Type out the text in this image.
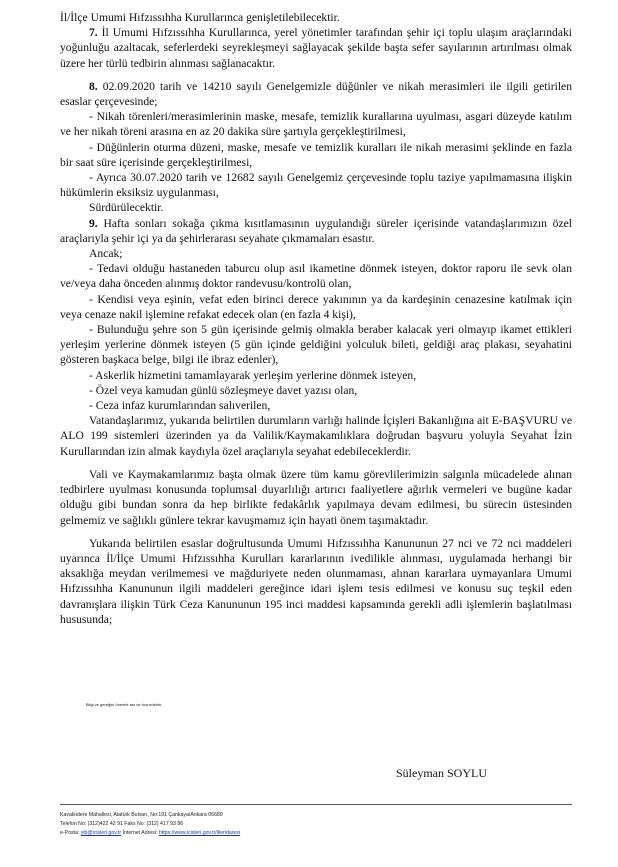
İl/İlçe Umumi Hıfzıssıhha Kurullarınca genişletilebilecektir.

7. İl Umumi Hıfzıssıhha Kurullarınca, yerel yönetimler tarafından şehir içi toplu ulaşım araçlarındaki yoğunluğu azaltacak, seferlerdeki seyrekleşmeyi sağlayacak şekilde başta sefer sayılarının artırılması olmak üzere her türlü tedbirin alınması sağlanacaktır.

8. 02.09.2020 tarih ve 14210 sayılı Genelgemizle düğünler ve nikah merasimleri ile ilgili getirilen esaslar çerçevesinde;

- Nikah törenleri/merasimlerinin maske, mesafe, temizlik kurallarına uyulması, asgari düzeyde katılım ve her nikah töreni arasına en az 20 dakika süre şartıyla gerçekleştirilmesi,

- Düğünlerin oturma düzeni, maske, mesafe ve temizlik kuralları ile nikah merasimi şeklinde en fazla bir saat süre içerisinde gerçekleştirilmesi,

- Ayrıca 30.07.2020 tarih ve 12682 sayılı Genelgemiz çerçevesinde toplu taziye yapılmamasına ilişkin hükümlerin eksiksiz uygulanması,

Sürdürülecektir.

9. Hafta sonları sokağa çıkma kısıtlamasının uygulandığı süreler içerisinde vatandaşlarımızın özel araçlarıyla şehir içi ya da şehirlerarası seyahate çıkmamaları esastır.

Ancak;

- Tedavi olduğu hastaneden taburcu olup asıl ikametine dönmek isteyen, doktor raporu ile sevk olan ve/veya daha önceden alınmış doktor randevusu/kontrolü olan,

- Kendisi veya eşinin, vefat eden birinci derece yakınının ya da kardeşinin cenazesine katılmak için veya cenaze nakil işlemine refakat edecek olan (en fazla 4 kişi),

- Bulunduğu şehre son 5 gün içerisinde gelmiş olmakla beraber kalacak yeri olmayıp ikamet ettikleri yerleşim yerlerine dönmek isteyen (5 gün içinde geldiğini yolculuk bileti, geldiği araç plakası, seyahatini gösteren başkaca belge, bilgi ile ibraz edenler),

- Askerlik hizmetini tamamlayarak yerleşim yerlerine dönmek isteyen,

- Özel veya kamudan günlü sözleşmeye davet yazısı olan,

- Ceza infaz kurumlarından salıverilen,

Vatandaşlarımız, yukarıda belirtilen durumların varlığı halinde İçişleri Bakanlığına ait E-BAŞVURU ve ALO 199 sistemleri üzerinden ya da Valilik/Kaymakamlıklara doğrudan başvuru yoluyla Seyahat İzin Kurullarından izin almak kaydıyla özel araçlarıyla seyahat edebileceklerdir.

Vali ve Kaymakamlarımız başta olmak üzere tüm kamu görevlilerimizin salgınla mücadelede alınan tedbirlere uyulması konusunda toplumsal duyarlılığı artırıcı faaliyetlere ağırlık vermeleri ve bugüne kadar olduğu gibi bundan sonra da hep birlikte fedakârlık yapılmaya devam edilmesi, bu sürecin üstesinden gelmemiz ve sağlıklı günlere tekrar kavuşmamız için hayati önem taşımaktadır.

Yukarıda belirtilen esaslar doğrultusunda Umumi Hıfzıssıhha Kanununun 27 nci ve 72 nci maddeleri uyarınca İl/İlçe Umumi Hıfzıssıhha Kurulları kararlarının ivedilikle alınması, uygulamada herhangi bir aksaklığa meydan verilmemesi ve mağduriyete neden olunmaması, alınan kararlara uymayanlara Umumi Hıfzıssıhha Kanununun ilgili maddeleri gereğince idari işlem tesis edilmesi ve konusu suç teşkil eden davranışlara ilişkin Türk Ceza Kanununun 195 inci maddesi kapsamında gerekli adli işlemlerin başlatılması hususunda;

Bilgi ve gereğini önemle arz ve rica ederim.
Süleyman SOYLU
Kavaklıdere Mahallesi, Atatürk Bulvarı, No:191 Çankaya/Ankara 06680
Telefon No: (312)422 42 91 Faks No: (312) 417 93 86
e-Posta: yib@icisleri.gov.tr İnternet Adresi: https://www.icisleri.gov.tr/illeridaresi
